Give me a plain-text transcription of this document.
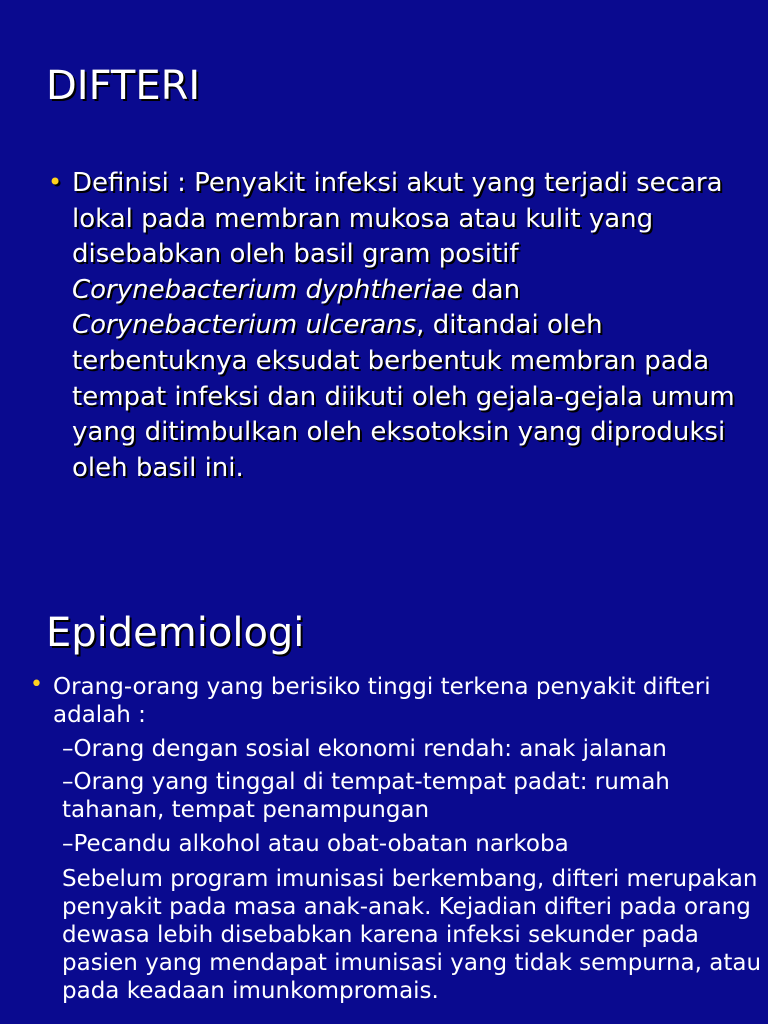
DIFTERI
• Definisi : Penyakit infeksi akut yang terjadi secara lokal pada membran mukosa atau kulit yang disebabkan oleh basil gram positif Corynebacterium dyphtheriae dan Corynebacterium ulcerans, ditandai oleh terbentuknya eksudat berbentuk membran pada tempat infeksi dan diikuti oleh gejala-gejala umum yang ditimbulkan oleh eksotoksin yang diproduksi oleh basil ini.

Epidemiologi
• Orang-orang yang berisiko tinggi terkena penyakit difteri adalah :

–Orang dengan sosial ekonomi rendah: anak jalanan

–Orang yang tinggal di tempat-tempat padat: rumah tahanan, tempat penampungan

–Pecandu alkohol atau obat-obatan narkoba

Sebelum program imunisasi berkembang, difteri merupakan penyakit pada masa anak-anak. Kejadian difteri pada orang dewasa lebih disebabkan karena infeksi sekunder pada pasien yang mendapat imunisasi yang tidak sempurna, atau pada keadaan imunkompromais.
